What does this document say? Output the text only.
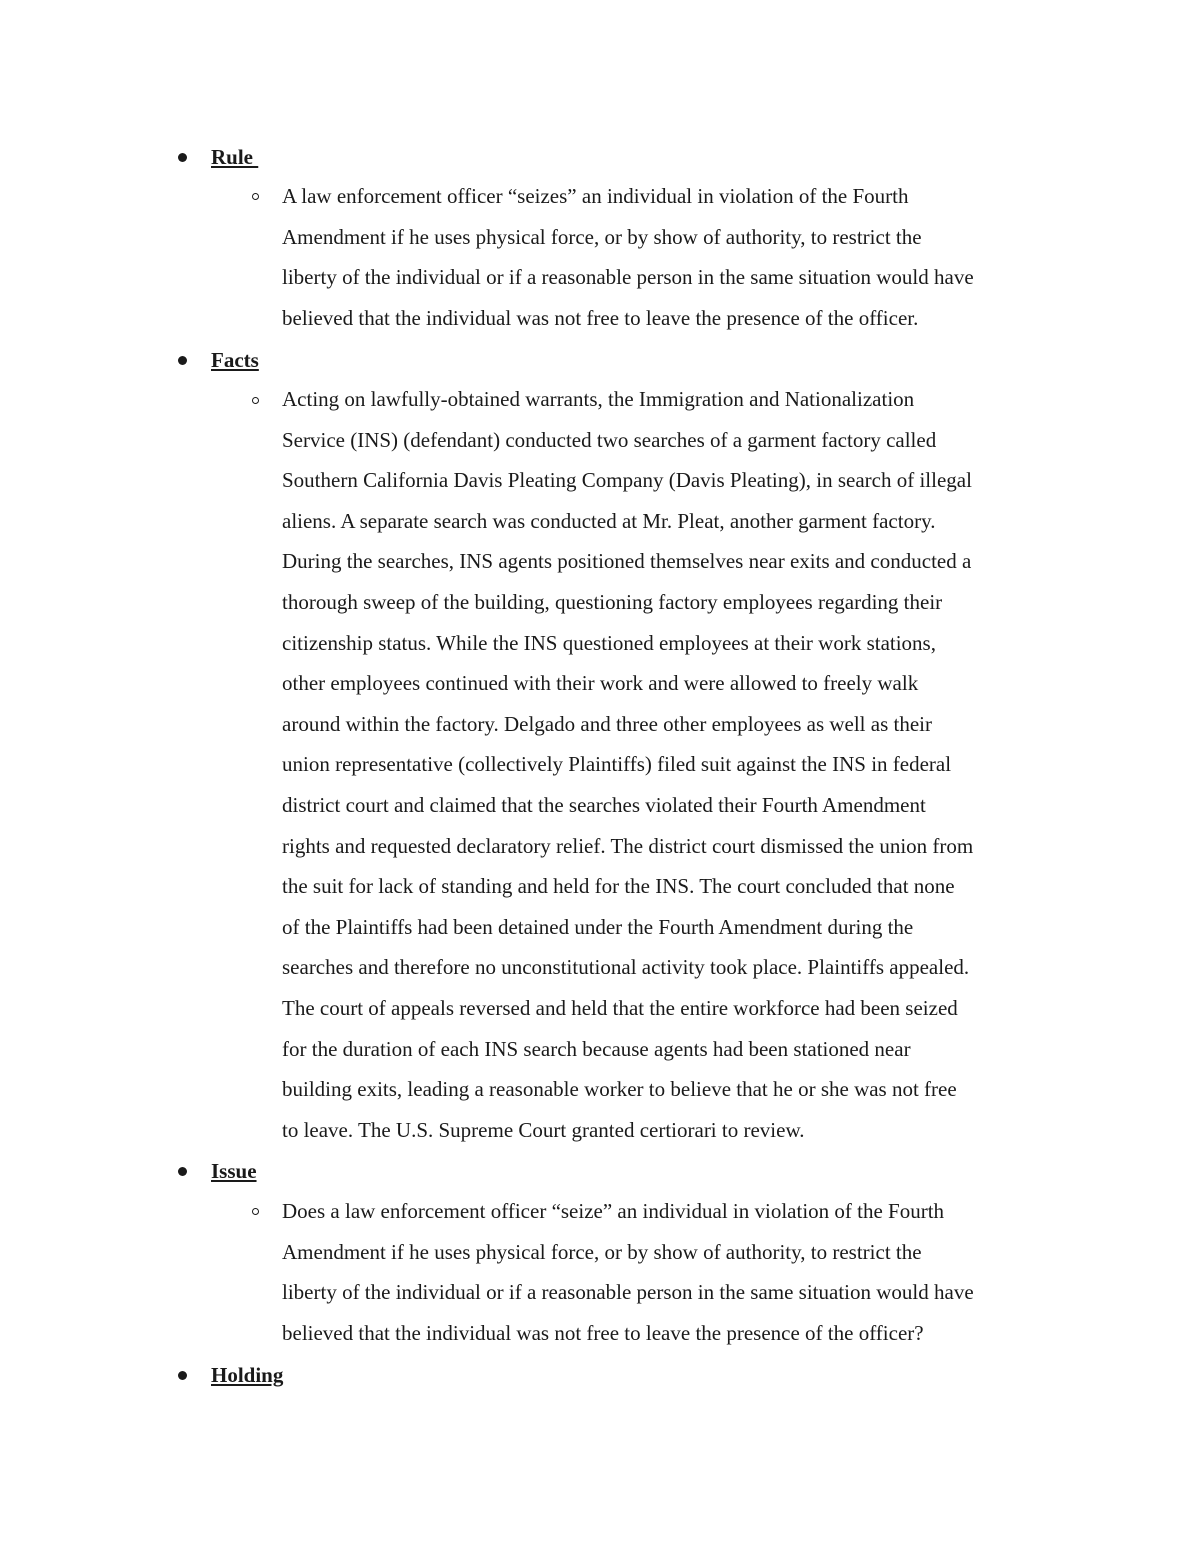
Rule

A law enforcement officer “seizes” an individual in violation of the Fourth
Amendment if he uses physical force, or by show of authority, to restrict the
liberty of the individual or if a reasonable person in the same situation would have
believed that the individual was not free to leave the presence of the officer.

Facts

Acting on lawfully-obtained warrants, the Immigration and Nationalization
Service (INS) (defendant) conducted two searches of a garment factory called
Southern California Davis Pleating Company (Davis Pleating), in search of illegal
aliens. A separate search was conducted at Mr. Pleat, another garment factory.
During the searches, INS agents positioned themselves near exits and conducted a
thorough sweep of the building, questioning factory employees regarding their
citizenship status. While the INS questioned employees at their work stations,
other employees continued with their work and were allowed to freely walk
around within the factory. Delgado and three other employees as well as their
union representative (collectively Plaintiffs) filed suit against the INS in federal
district court and claimed that the searches violated their Fourth Amendment
rights and requested declaratory relief. The district court dismissed the union from
the suit for lack of standing and held for the INS. The court concluded that none
of the Plaintiffs had been detained under the Fourth Amendment during the
searches and therefore no unconstitutional activity took place. Plaintiffs appealed.
The court of appeals reversed and held that the entire workforce had been seized
for the duration of each INS search because agents had been stationed near
building exits, leading a reasonable worker to believe that he or she was not free
to leave. The U.S. Supreme Court granted certiorari to review.

Issue

Does a law enforcement officer “seize” an individual in violation of the Fourth
Amendment if he uses physical force, or by show of authority, to restrict the
liberty of the individual or if a reasonable person in the same situation would have
believed that the individual was not free to leave the presence of the officer?

Holding
